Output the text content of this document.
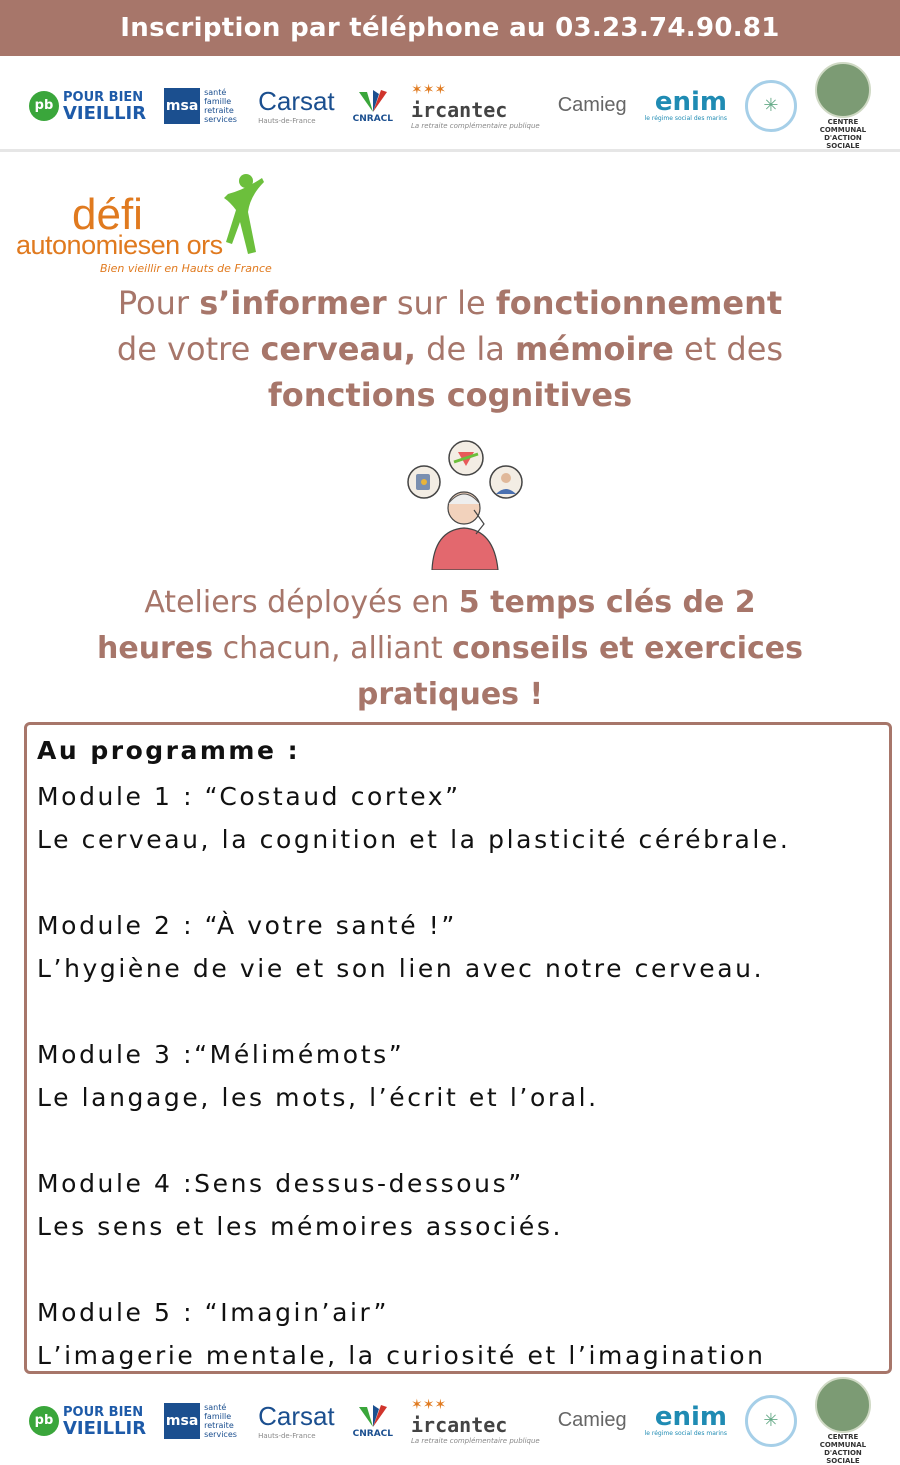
Inscription par téléphone au 03.23.74.90.81
pb
POUR BIEN
VIEILLIR msa
santé famille retraite services
Carsat
Hauts-de-France	CNRACL
✶✶✶
ircantec
La retraite complémentaire publique
Camieg enim
le régime social des marins
✳
CENTRE COMMUNAL D'ACTION SOCIALE
défi
autonomiesen ors
Bien vieillir en Hauts de France
Pour s’informer sur le fonctionnement
de votre cerveau, de la mémoire et des
fonctions cognitives
Ateliers déployés en 5 temps clés de 2
heures chacun, alliant conseils et exercices
pratiques !
Au programme :

Module 1 : “Costaud cortex”

Le cerveau, la cognition et la plasticité cérébrale.

Module 2 : “À votre santé !”

L’hygiène de vie et son lien avec notre cerveau.

Module 3 :“Mélimémots”

Le langage, les mots, l’écrit et l’oral.

Module 4 :Sens dessus-dessous”

Les sens et les mémoires associés.

Module 5 : “Imagin’air”

L’imagerie mentale, la curiosité et l’imagination

pb
POUR BIEN
VIEILLIR msa
santé famille retraite services
Carsat
Hauts-de-France	CNRACL
✶✶✶
ircantec
La retraite complémentaire publique
Camieg enim
le régime social des marins
✳
CENTRE COMMUNAL D'ACTION SOCIALE
